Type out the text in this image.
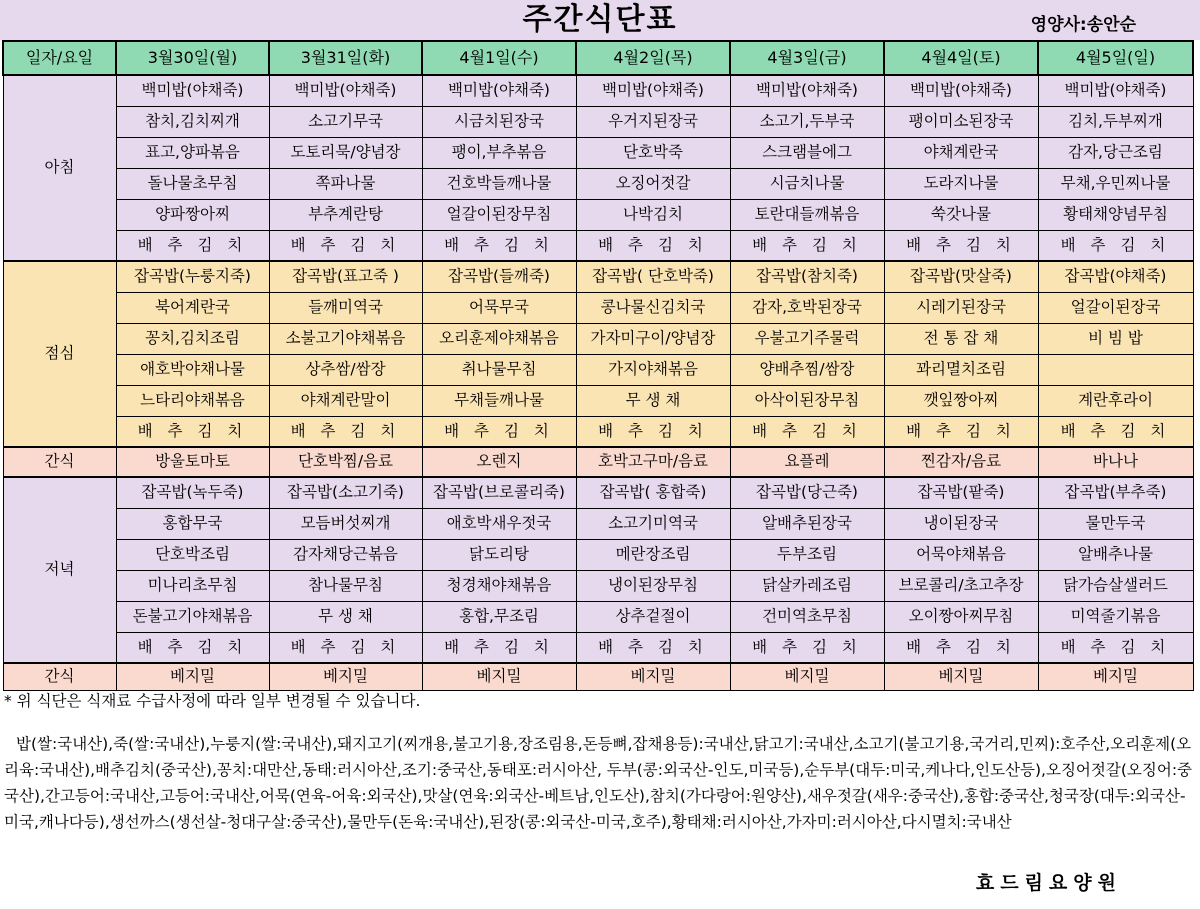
주간식단표	영양사:송안순
일자/요일	3월30일(월)	3월31일(화)	4월1일(수)	4월2일(목)	4월3일(금)	4월4일(토)	4월5일(일)
아침	백미밥(야채죽)	백미밥(야채죽)	백미밥(야채죽)	백미밥(야채죽)	백미밥(야채죽)	백미밥(야채죽)	백미밥(야채죽)
	참치,김치찌개	소고기무국	시금치된장국	우거지된장국	소고기,두부국	팽이미소된장국	김치,두부찌개
	표고,양파볶음	도토리묵/양념장	팽이,부추볶음	단호박죽	스크램블에그	야채계란국	감자,당근조림
	돌나물초무침	쪽파나물	건호박들깨나물	오징어젓갈	시금치나물	도라지나물	무채,우민찌나물
	양파짱아찌	부추계란탕	얼갈이된장무침	나박김치	토란대들깨볶음	쑥갓나물	황태채양념무침
	배 추 김 치	배 추 김 치	배 추 김 치	배 추 김 치	배 추 김 치	배 추 김 치	배 추 김 치
점심	잡곡밥(누룽지죽)	잡곡밥(표고죽 )	잡곡밥(들깨죽)	잡곡밥( 단호박죽)	잡곡밥(참치죽)	잡곡밥(맛살죽)	잡곡밥(야채죽)
	북어계란국	들깨미역국	어묵무국	콩나물신김치국	감자,호박된장국	시레기된장국	얼갈이된장국
	꽁치,김치조림	소불고기야채볶음	오리훈제야채볶음	가자미구이/양념장	우불고기주물럭	전 통 잡 채	비 빔 밥
	애호박야채나물	상추쌈/쌈장	취나물무침	가지야채볶음	양배추찜/쌈장	꽈리멸치조림	
	느타리야채볶음	야채계란말이	무채들깨나물	무 생 채	아삭이된장무침	깻잎짱아찌	계란후라이
	배 추 김 치	배 추 김 치	배 추 김 치	배 추 김 치	배 추 김 치	배 추 김 치	배 추 김 치
간식	방울토마토	단호박찜/음료	오렌지	호박고구마/음료	요플레	찐감자/음료	바나나
저녁	잡곡밥(녹두죽)	잡곡밥(소고기죽)	잡곡밥(브로콜리죽)	잡곡밥( 홍합죽)	잡곡밥(당근죽)	잡곡밥(팥죽)	잡곡밥(부추죽)
	홍합무국	모듬버섯찌개	애호박새우젓국	소고기미역국	알배추된장국	냉이된장국	물만두국
	단호박조림	감자채당근볶음	닭도리탕	메란장조림	두부조림	어묵야채볶음	알배추나물
	미나리초무침	참나물무침	청경채야채볶음	냉이된장무침	닭살카레조림	브로콜리/초고추장	닭가슴살샐러드
	돈불고기야채볶음	무 생 채	홍합,무조림	상추겉절이	건미역초무침	오이짱아찌무침	미역줄기볶음
	배 추 김 치	배 추 김 치	배 추 김 치	배 추 김 치	배 추 김 치	배 추 김 치	배 추 김 치
간식	베지밀	베지밀	베지밀	베지밀	베지밀	베지밀	베지밀
* 위 식단은 식재료 수급사정에 따라 일부 변경될 수 있습니다.
밥(쌀:국내산),죽(쌀:국내산),누룽지(쌀:국내산),돼지고기(찌개용,불고기용,장조림용,돈등뼈,잡채용등):국내산,닭고기:국내산,소고기(불고기용,국거리,민찌):호주산,오리훈제(오리육:국내산),배추김치(중국산),꽁치:대만산,동태:러시아산,조기:중국산,동태포:러시아산, 두부(콩:외국산-인도,미국등),순두부(대두:미국,케나다,인도산등),오징어젓갈(오징어:중국산),간고등어:국내산,고등어:국내산,어묵(연육-어육:외국산),맛살(연육:외국산-베트남,인도산),참치(가다랑어:원양산),새우젓갈(새우:중국산),홍합:중국산,청국장(대두:외국산-미국,캐나다등),생선까스(생선살-청대구살:중국산),물만두(돈육:국내산),된장(콩:외국산-미국,호주),황태채:러시아산,가자미:러시아산,다시멸치:국내산
효드림요양원
